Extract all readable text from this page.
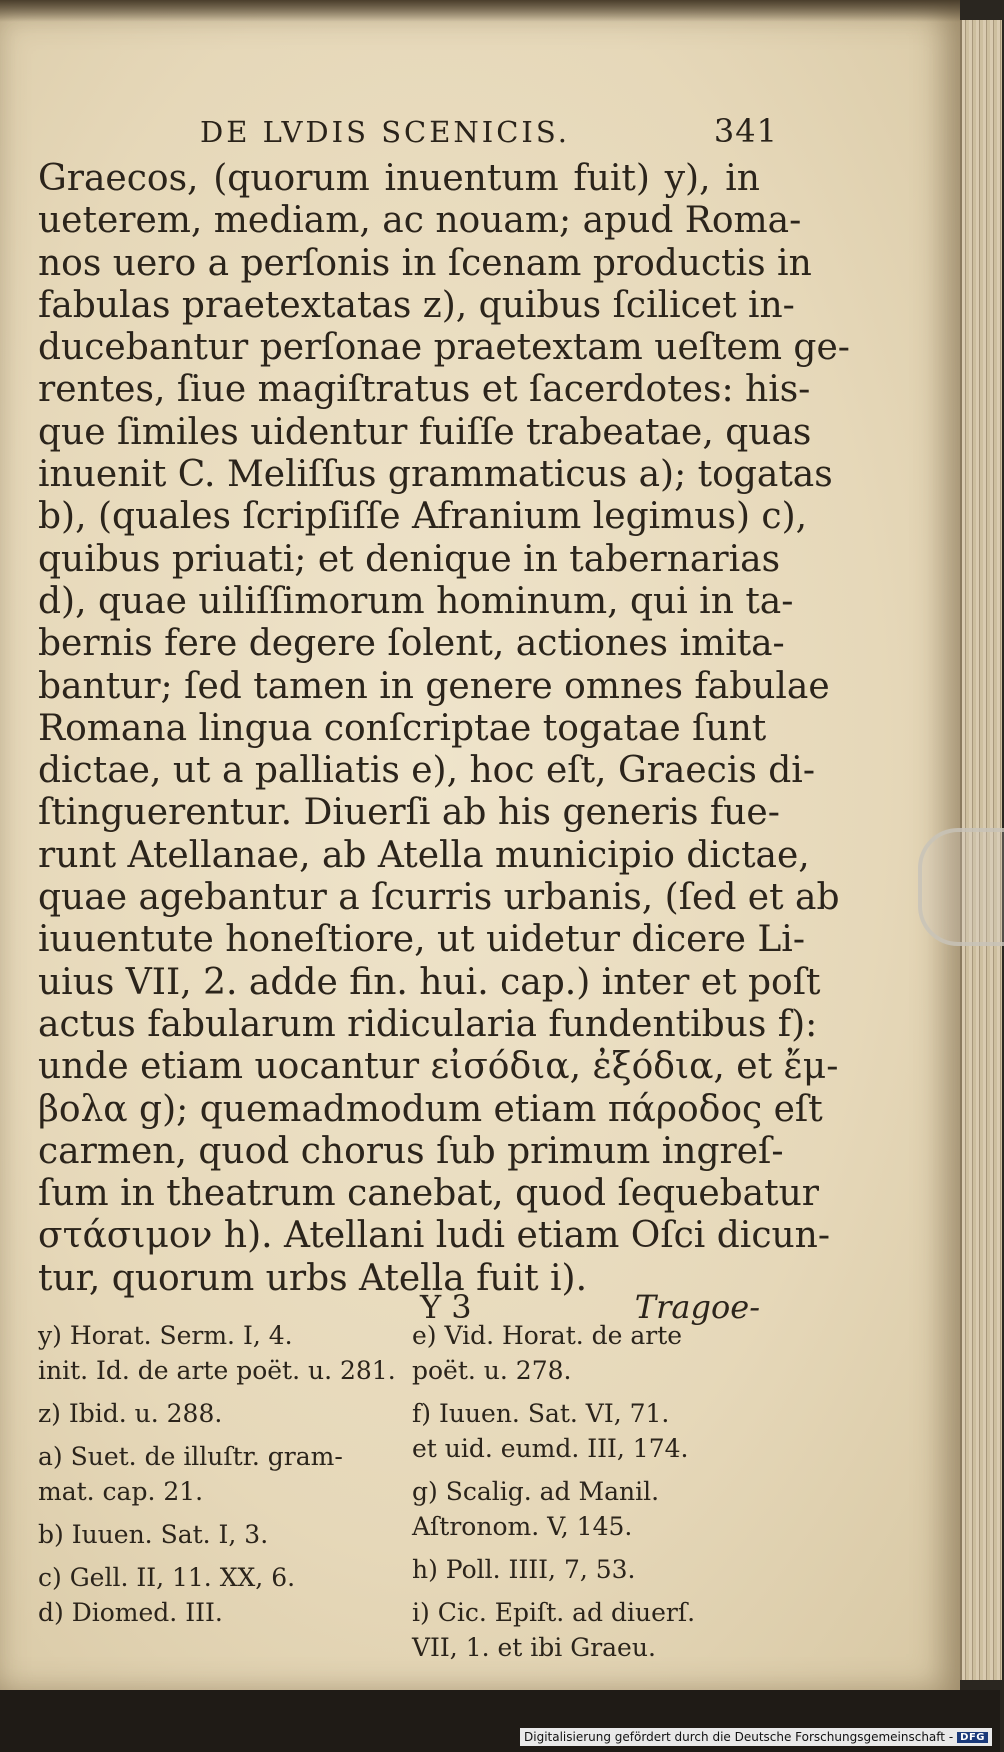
DE LVDIS SCENICIS.	341
Graecos, (quorum inuentum fuit) y), in
ueterem, mediam, ac nouam; apud Roma-
nos uero a perſonis in ſcenam productis in
fabulas praetextatas z), quibus ſcilicet in-
ducebantur perſonae praetextam ueſtem ge-
rentes, ſiue magiſtratus et ſacerdotes: his-
que ſimiles uidentur fuiſſe trabeatae, quas
inuenit C. Meliſſus grammaticus a); togatas
b), (quales ſcripſiſſe Afranium legimus) c),
quibus priuati; et denique in tabernarias
d), quae uiliſſimorum hominum, qui in ta-
bernis fere degere ſolent, actiones imita-
bantur; ſed tamen in genere omnes fabulae
Romana lingua conſcriptae togatae ſunt
dictae, ut a palliatis e), hoc eſt, Graecis di-
ſtinguerentur. Diuerſi ab his generis fue-
runt Atellanae, ab Atella municipio dictae,
quae agebantur a ſcurris urbanis, (ſed et ab
iuuentute honeſtiore, ut uidetur dicere Li-
uius VII, 2. adde fin. hui. cap.) inter et poſt
actus fabularum ridicularia fundentibus f):
unde etiam uocantur εἰσόδια, ἐξόδια, et ἔμ-
βολα g); quemadmodum etiam πάροδος eſt
carmen, quod chorus ſub primum ingreſ-
ſum in theatrum canebat, quod ſequebatur
στάσιμον h). Atellani ludi etiam Oſci dicun-
tur, quorum urbs Atella fuit i).
Y 3	Tragoe-
y) Horat. Serm. I, 4.
init. Id. de arte poët. u. 281.
z) Ibid. u. 288.
a) Suet. de illuſtr. gram-
mat. cap. 21.
b) Iuuen. Sat. I, 3.
c) Gell. II, 11. XX, 6.
d) Diomed. III.
e) Vid. Horat. de arte
poët. u. 278.
f) Iuuen. Sat. VI, 71.
et uid. eumd. III, 174.
g) Scalig. ad Manil.
Aſtronom. V, 145.
h) Poll. IIII, 7, 53.
i) Cic. Epiſt. ad diuerſ.
VII, 1. et ibi Graeu.
Digitalisierung gefördert durch die Deutsche Forschungsgemeinschaft - DFG
